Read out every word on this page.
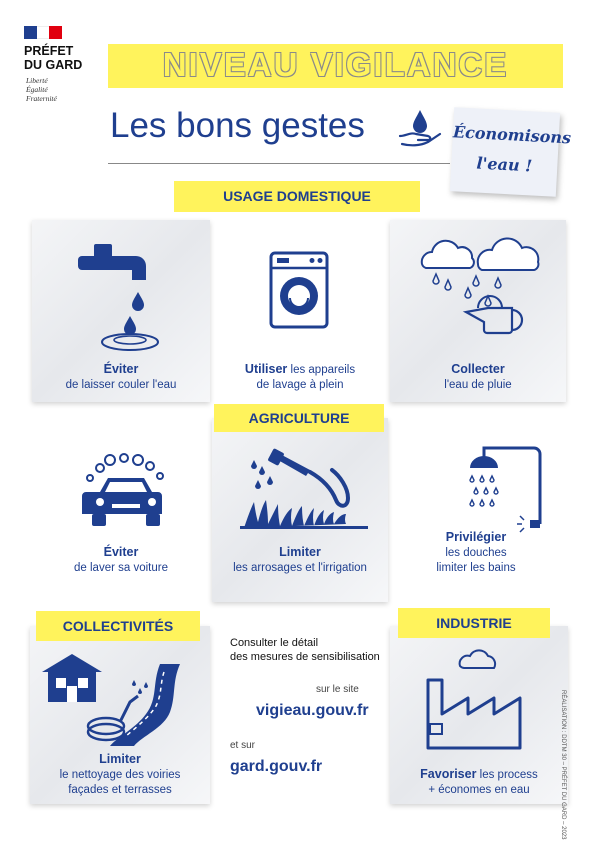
PRÉFET
DU GARD
Liberté
Égalité
Fraternité
NIVEAU VIGILANCE
Les bons gestes	Économisons
l'eau !
USAGE DOMESTIQUE
Éviter
de laisser couler l'eau
Utiliser les appareils
de lavage à plein
Collecter
l'eau de pluie
AGRICULTURE
Limiter
les arrosages et l'irrigation
Éviter
de laver sa voiture
Privilégier
les douches
limiter les bains
COLLECTIVITÉS
Limiter
le nettoyage des voiries
façades et terrasses
Consulter le détail
des mesures de sensibilisation
sur le site
vigieau.gouv.fr
et sur
gard.gouv.fr
INDUSTRIE
Favoriser les process
+ économes en eau	RÉALISATION : DDTM 30 – PRÉFET DU GARD – 2023
